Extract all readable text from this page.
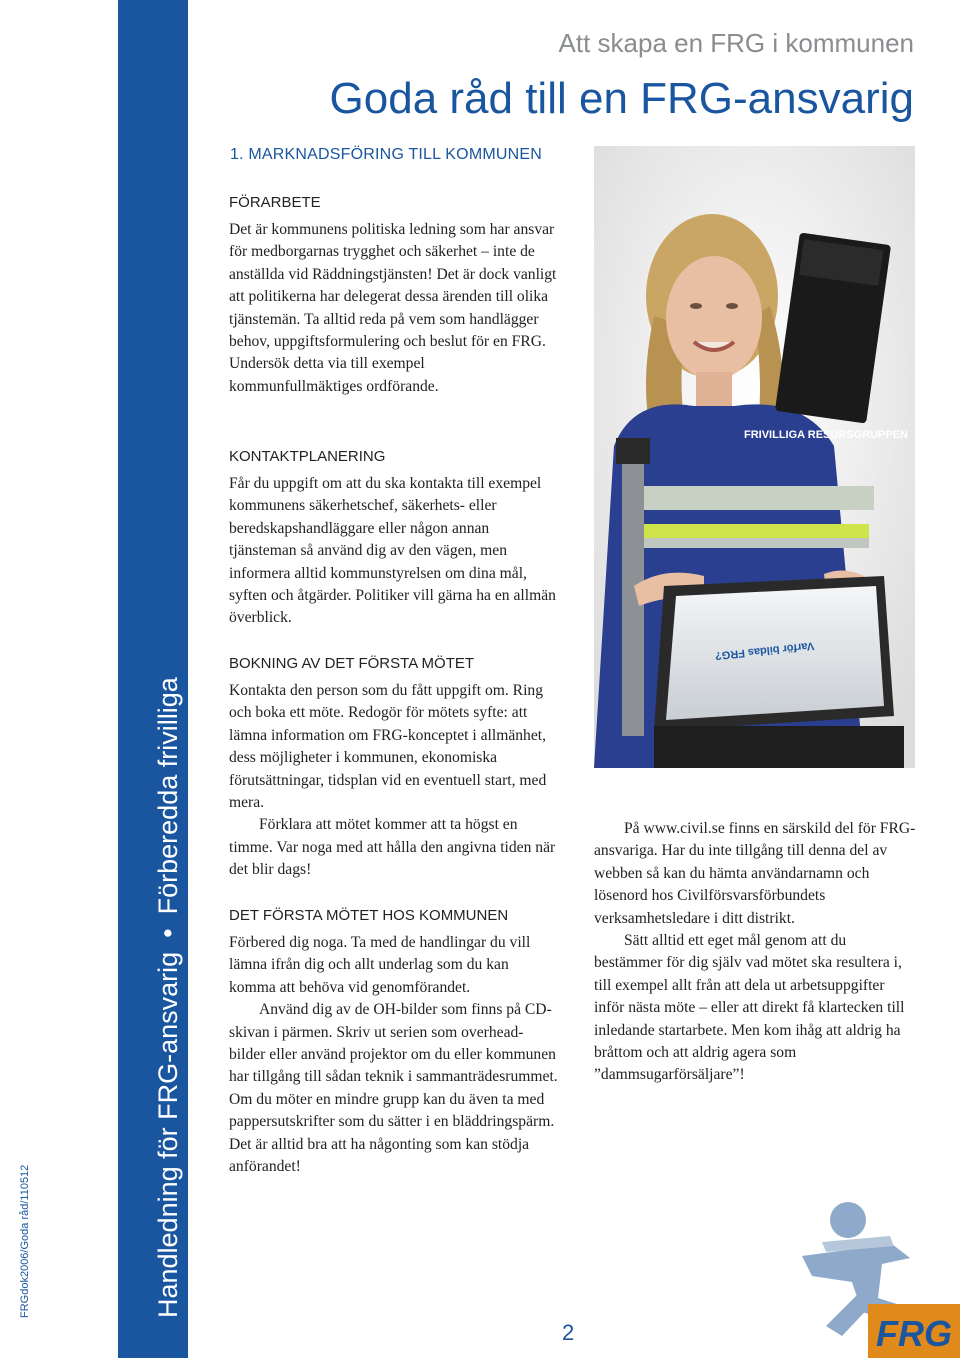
Handledning för FRG-ansvarig•Förberedda frivilliga
FRGdok2006/Goda råd/110512
Att skapa en FRG i kommunen
Goda råd till en FRG-ansvarig
1. MARKNADSFÖRING TILL KOMMUNEN
FÖRARBETE

Det är kommunens politiska ledning som har ansvar för medborgarnas trygghet och säkerhet – inte de anställda vid Räddningstjänsten! Det är dock vanligt att politikerna har delegerat dessa ärenden till olika tjänstemän. Ta alltid reda på vem som handlägger behov, uppgiftsformulering och beslut för en FRG. Undersök detta via till exempel kommunfullmäktiges ordförande.

KONTAKTPLANERING

Får du uppgift om att du ska kontakta till exempel kommunens säkerhetschef, säkerhets- eller beredskapshandläggare eller någon annan tjänsteman så använd dig av den vägen, men informera alltid kommunstyrelsen om dina mål, syften och åtgärder. Politiker vill gärna ha en allmän överblick.

BOKNING AV DET FÖRSTA MÖTET

Kontakta den person som du fått uppgift om. Ring och boka ett möte. Redogör för mötets syfte: att lämna information om FRG-konceptet i allmänhet, dess möjligheter i kommunen, ekonomiska förutsättningar, tidsplan vid en eventuell start, med mera.

Förklara att mötet kommer att ta högst en timme. Var noga med att hålla den angivna tiden när det blir dags!

DET FÖRSTA MÖTET HOS KOMMUNEN

Förbered dig noga. Ta med de handlingar du vill lämna ifrån dig och allt underlag som du kan komma att behöva vid genomförandet.

Använd dig av de OH-bilder som finns på CD-skivan i pärmen. Skriv ut serien som overhead-bilder eller använd projektor om du eller kommunen har tillgång till sådan teknik i sammanträdesrummet. Om du möter en mindre grupp kan du även ta med pappersutskrifter som du sätter i en bläddringspärm. Det är alltid bra att ha någonting som kan stödja anförandet!

FRIVILLIGA RESURSGRUPPEN
Varför bildas FRG?

På www.civil.se finns en särskild del för FRG-ansvariga. Har du inte tillgång till denna del av webben så kan du hämta användarnamn och lösenord hos Civilförsvarsförbundets verksamhetsledare i ditt distrikt.

Sätt alltid ett eget mål genom att du bestämmer för dig själv vad mötet ska resultera i, till exempel allt från att dela ut arbetsuppgifter inför nästa möte – eller att direkt få klartecken till inledande startarbete. Men kom ihåg att aldrig ha bråttom och att aldrig agera som ”dammsugarförsäljare”!

2	FRG
